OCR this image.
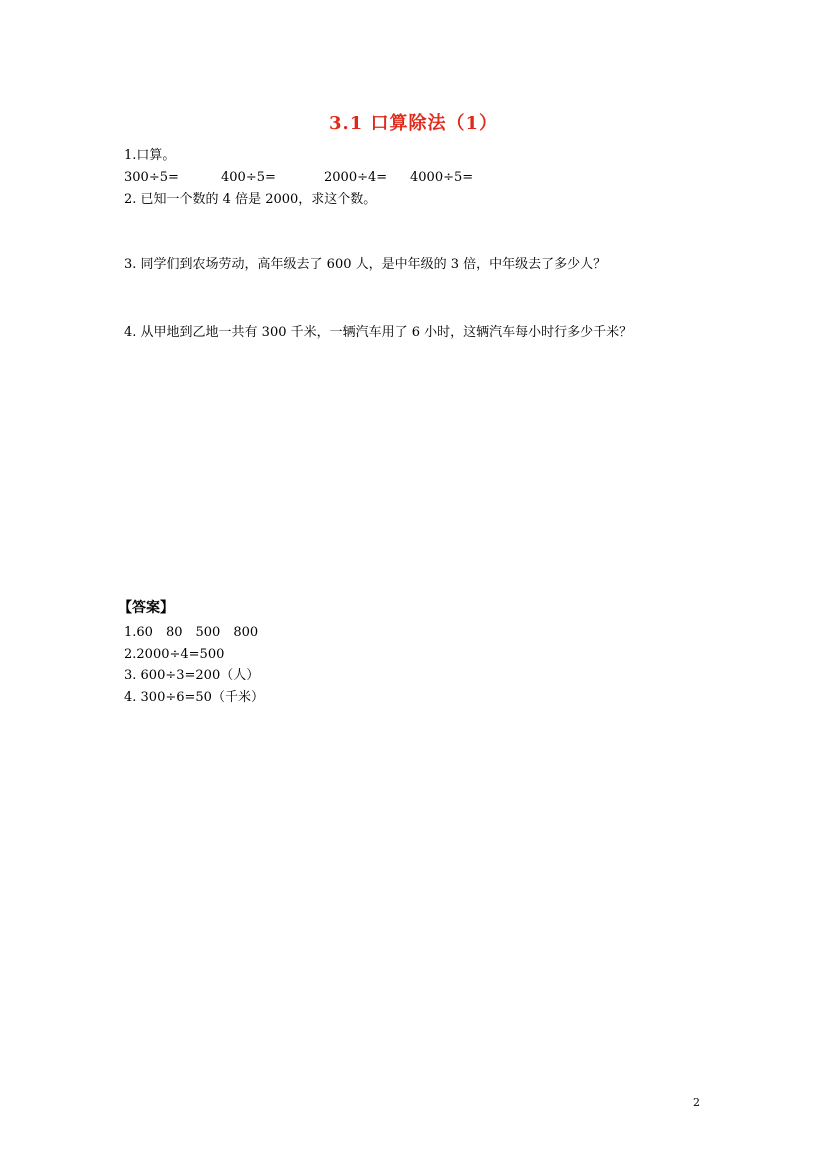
3.1 口算除法（1）
1.口算。
300÷5=	400÷5=	2000÷4= 4000÷5=
2. 已知一个数的 4 倍是 2000，求这个数。
3. 同学们到农场劳动，高年级去了 600 人，是中年级的 3 倍，中年级去了多少人？
4. 从甲地到乙地一共有 300 千米，一辆汽车用了 6 小时，这辆汽车每小时行多少千米？
【答案】
1.60 80 500 800
2.2000÷4=500
3. 600÷3=200（人）
4. 300÷6=50（千米）
2
